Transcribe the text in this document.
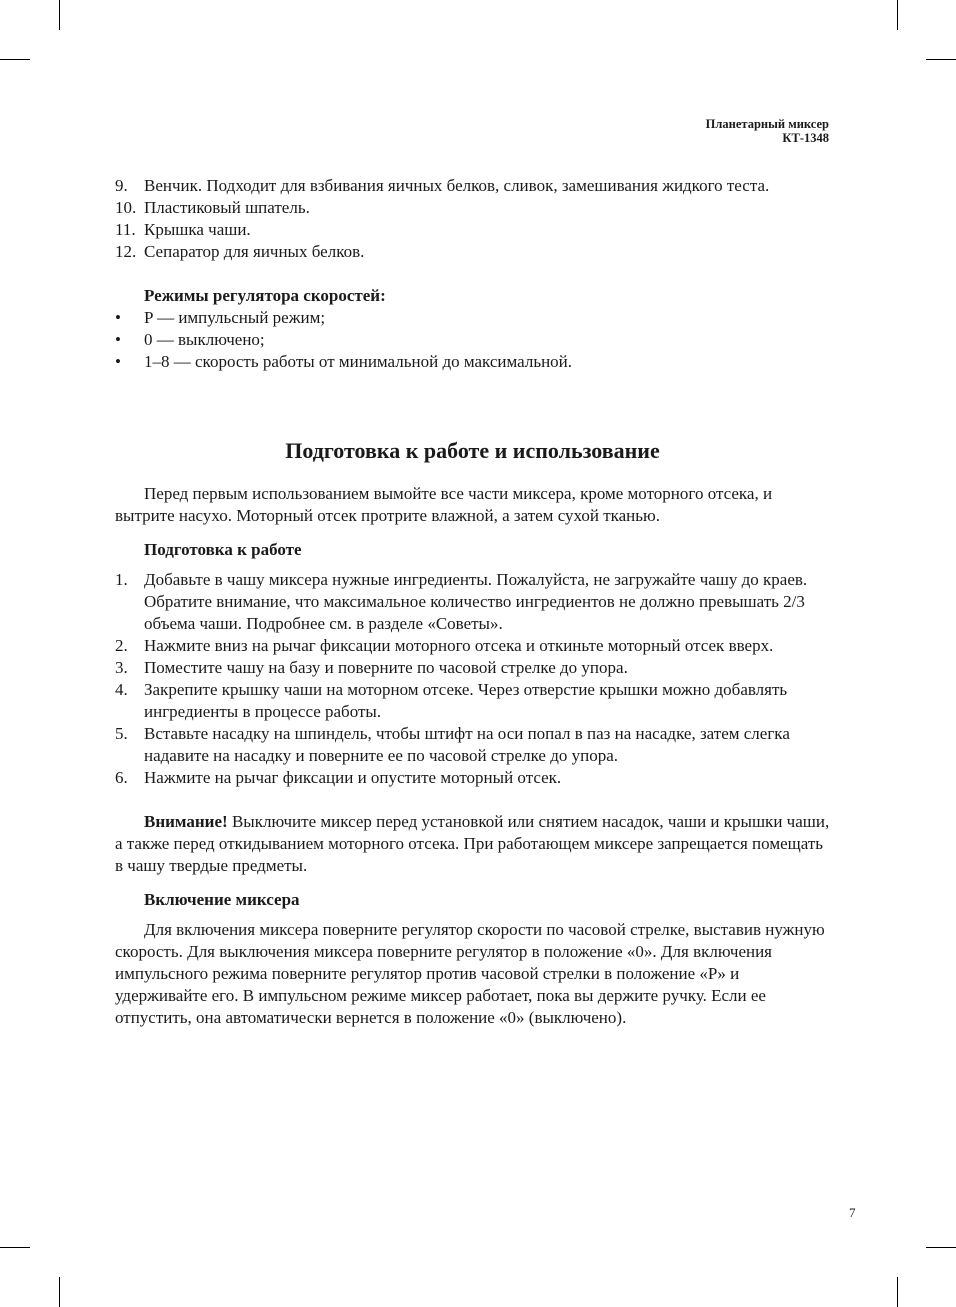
Планетарный миксер
КТ-1348
9. Венчик. Подходит для взбивания яичных белков, сливок, замешивания жидкого теста.
10. Пластиковый шпатель.
11. Крышка чаши.
12. Сепаратор для яичных белков.
Режимы регулятора скоростей:
• P — импульсный режим;
• 0 — выключено;
• 1–8 — скорость работы от минимальной до максимальной.
Подготовка к работе и использование
Перед первым использованием вымойте все части миксера, кроме моторного отсека, и вытрите насухо. Моторный отсек протрите влажной, а затем сухой тканью.
Подготовка к работе
1. Добавьте в чашу миксера нужные ингредиенты. Пожалуйста, не загружайте чашу до краев. Обратите внимание, что максимальное количество ингредиентов не должно превышать 2/3 объема чаши. Подробнее см. в разделе «Советы».
2. Нажмите вниз на рычаг фиксации моторного отсека и откиньте моторный отсек вверх.
3. Поместите чашу на базу и поверните по часовой стрелке до упора.
4. Закрепите крышку чаши на моторном отсеке. Через отверстие крышки можно добавлять ингредиенты в процессе работы.
5. Вставьте насадку на шпиндель, чтобы штифт на оси попал в паз на насадке, затем слегка надавите на насадку и поверните ее по часовой стрелке до упора.
6. Нажмите на рычаг фиксации и опустите моторный отсек.
Внимание! Выключите миксер перед установкой или снятием насадок, чаши и крышки чаши, а также перед откидыванием моторного отсека. При работающем миксере запрещается помещать в чашу твердые предметы.
Включение миксера
Для включения миксера поверните регулятор скорости по часовой стрелке, выставив нужную скорость. Для выключения миксера поверните регулятор в положение «0». Для включения импульсного режима поверните регулятор против часовой стрелки в положение «P» и удерживайте его. В импульсном режиме миксер работает, пока вы держите ручку. Если ее отпустить, она автоматически вернется в положение «0» (выключено).
7
